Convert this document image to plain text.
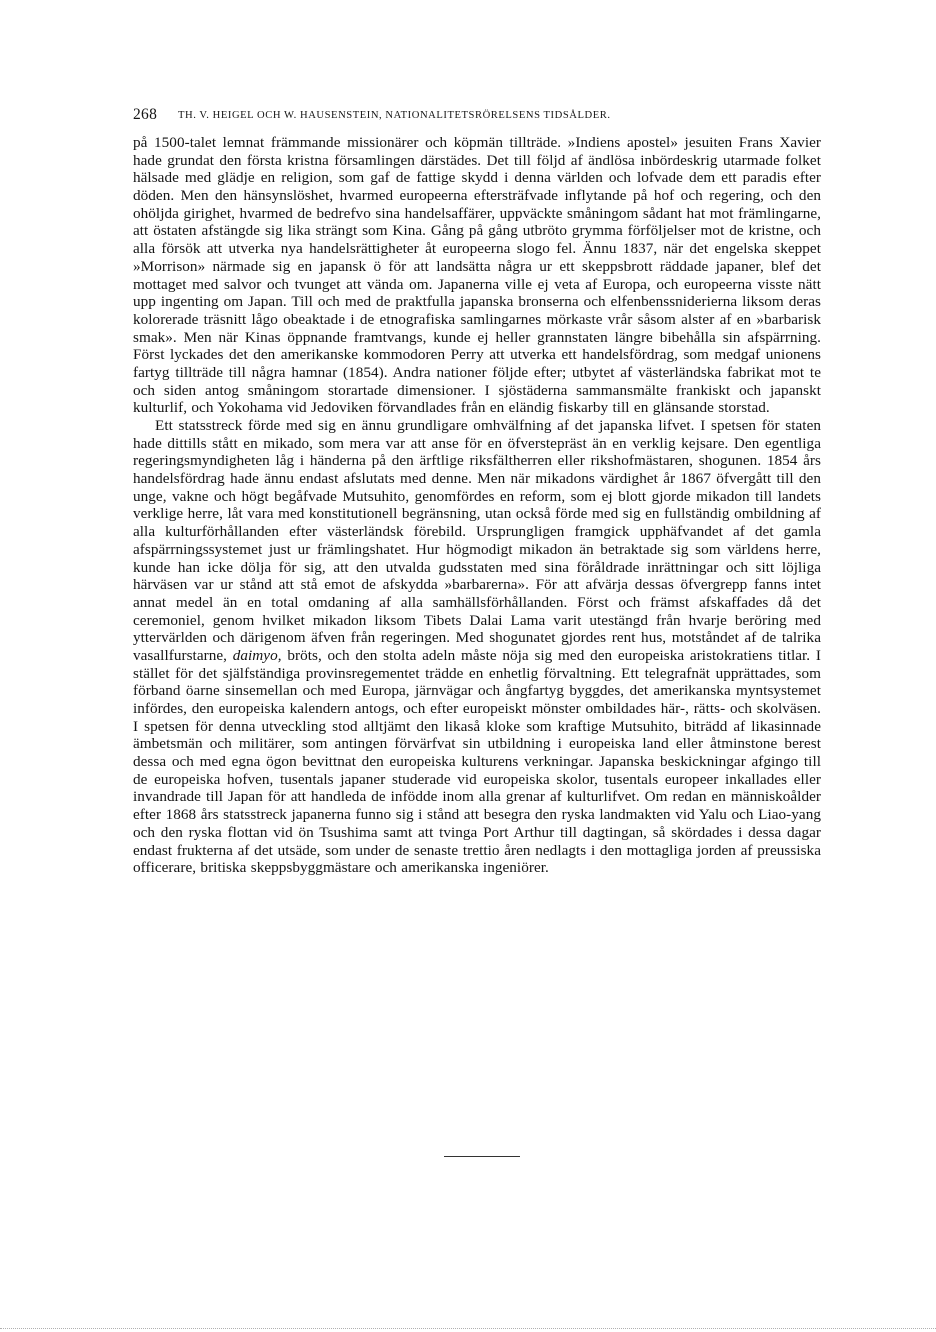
268 TH. V. HEIGEL OCH W. HAUSENSTEIN, NATIONALITETSRÖRELSENS TIDSÅLDER.

på 1500-talet lemnat främmande missionärer och köpmän tillträde. »Indiens apostel» jesuiten Frans Xavier hade grundat den första kristna församlingen därstädes. Det till följd af ändlösa inbördeskrig utarmade folket hälsade med glädje en religion, som gaf de fattige skydd i denna världen och lofvade dem ett paradis efter döden. Men den hänsynslöshet, hvarmed europeerna eftersträfvade inflytande på hof och regering, och den ohöljda girighet, hvarmed de bedrefvo sina handelsaffärer, uppväckte småningom sådant hat mot främlingarne, att östaten afstängde sig lika strängt som Kina. Gång på gång utbröto grymma förföljelser mot de kristne, och alla försök att utverka nya handelsrättigheter åt europeerna slogo fel. Ännu 1837, när det engelska skeppet »Morrison» närmade sig en japansk ö för att landsätta några ur ett skeppsbrott räddade japaner, blef det mottaget med salvor och tvunget att vända om. Japanerna ville ej veta af Europa, och europeerna visste nätt upp ingenting om Japan. Till och med de praktfulla japanska bronserna och elfenbenssniderierna liksom deras kolorerade träsnitt lågo obeaktade i de etnografiska samlingarnes mörkaste vrår såsom alster af en »barbarisk smak». Men när Kinas öppnande framtvangs, kunde ej heller grannstaten längre bibehålla sin afspärrning. Först lyckades det den amerikanske kommodoren Perry att utverka ett handelsfördrag, som medgaf unionens fartyg tillträde till några hamnar (1854). Andra nationer följde efter; utbytet af västerländska fabrikat mot te och siden antog småningom storartade dimensioner. I sjöstäderna sammansmälte frankiskt och japanskt kulturlif, och Yokohama vid Jedoviken förvandlades från en eländig fiskarby till en glänsande storstad.

Ett statsstreck förde med sig en ännu grundligare omhvälfning af det japanska lifvet. I spetsen för staten hade dittills stått en mikado, som mera var att anse för en öfverstepräst än en verklig kejsare. Den egentliga regeringsmyndigheten låg i händerna på den ärftlige riksfältherren eller rikshofmästaren, shogunen. 1854 års handelsfördrag hade ännu endast afslutats med denne. Men när mikadons värdighet år 1867 öfvergått till den unge, vakne och högt begåfvade Mutsuhito, genomfördes en reform, som ej blott gjorde mikadon till landets verklige herre, låt vara med konstitutionell begränsning, utan också förde med sig en fullständig ombildning af alla kulturförhållanden efter västerländsk förebild. Ursprungligen framgick upphäfvandet af det gamla afspärrningssystemet just ur främlingshatet. Hur högmodigt mikadon än betraktade sig som världens herre, kunde han icke dölja för sig, att den utvalda gudsstaten med sina föråldrade inrättningar och sitt löjliga härväsen var ur stånd att stå emot de afskydda »barbarerna». För att afvärja dessas öfvergrepp fanns intet annat medel än en total omdaning af alla samhällsförhållanden. Först och främst afskaffades då det ceremoniel, genom hvilket mikadon liksom Tibets Dalai Lama varit utestängd från hvarje beröring med yttervärlden och därigenom äfven från regeringen. Med shogunatet gjordes rent hus, motståndet af de talrika vasallfurstarne, daimyo, bröts, och den stolta adeln måste nöja sig med den europeiska aristokratiens titlar. I stället för det själfständiga provinsregementet trädde en enhetlig förvaltning. Ett telegrafnät upprättades, som förband öarne sinsemellan och med Europa, järnvägar och ångfartyg byggdes, det amerikanska myntsystemet infördes, den europeiska kalendern antogs, och efter europeiskt mönster ombildades här-, rätts- och skolväsen. I spetsen för denna utveckling stod alltjämt den likaså kloke som kraftige Mutsuhito, biträdd af likasinnade ämbetsmän och militärer, som antingen förvärfvat sin utbildning i europeiska land eller åtminstone berest dessa och med egna ögon bevittnat den europeiska kulturens verkningar. Japanska beskickningar afgingo till de europeiska hofven, tusentals japaner studerade vid europeiska skolor, tusentals europeer inkallades eller invandrade till Japan för att handleda de infödde inom alla grenar af kulturlifvet. Om redan en människoålder efter 1868 års statsstreck japanerna funno sig i stånd att besegra den ryska landmakten vid Yalu och Liao-yang och den ryska flottan vid ön Tsushima samt att tvinga Port Arthur till dagtingan, så skördades i dessa dagar endast frukterna af det utsäde, som under de senaste trettio åren nedlagts i den mottagliga jorden af preussiska officerare, britiska skeppsbyggmästare och amerikanska ingeniörer.
